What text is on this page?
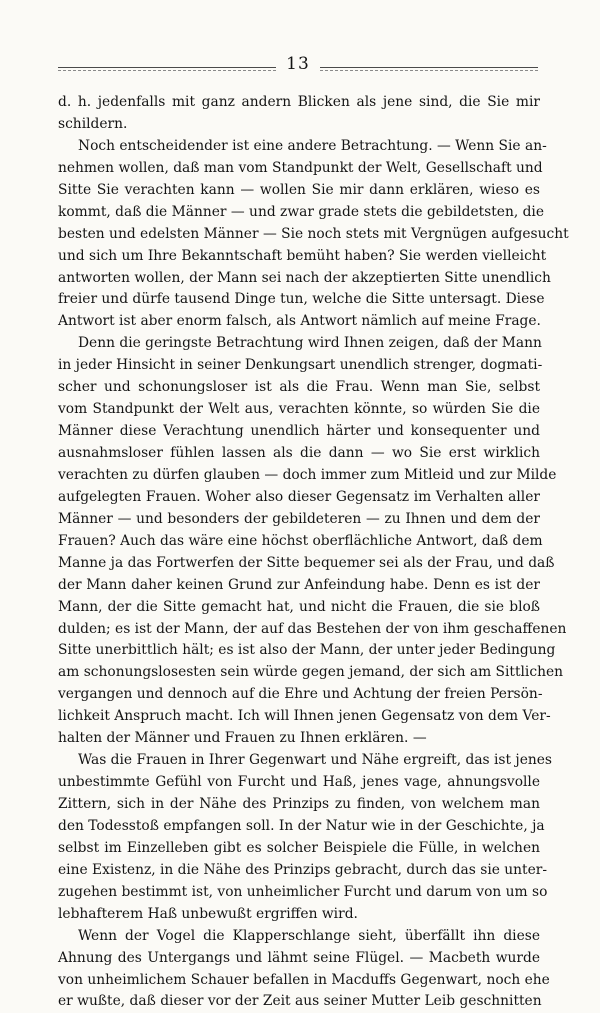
13
d. h. jedenfalls mit ganz andern Blicken als jene sind, die Sie mir
schildern.
Noch entscheidender ist eine andere Betrachtung. — Wenn Sie an-
nehmen wollen, daß man vom Standpunkt der Welt, Gesellschaft und
Sitte Sie verachten kann — wollen Sie mir dann erklären, wieso es
kommt, daß die Männer — und zwar grade stets die gebildetsten, die
besten und edelsten Männer — Sie noch stets mit Vergnügen aufgesucht
und sich um Ihre Bekanntschaft bemüht haben? Sie werden vielleicht
antworten wollen, der Mann sei nach der akzeptierten Sitte unendlich
freier und dürfe tausend Dinge tun, welche die Sitte untersagt. Diese
Antwort ist aber enorm falsch, als Antwort nämlich auf meine Frage.
Denn die geringste Betrachtung wird Ihnen zeigen, daß der Mann
in jeder Hinsicht in seiner Denkungsart unendlich strenger, dogmati-
scher und schonungsloser ist als die Frau. Wenn man Sie, selbst
vom Standpunkt der Welt aus, verachten könnte, so würden Sie die
Männer diese Verachtung unendlich härter und konsequenter und
ausnahmsloser fühlen lassen als die dann — wo Sie erst wirklich
verachten zu dürfen glauben — doch immer zum Mitleid und zur Milde
aufgelegten Frauen. Woher also dieser Gegensatz im Verhalten aller
Männer — und besonders der gebildeteren — zu Ihnen und dem der
Frauen? Auch das wäre eine höchst oberflächliche Antwort, daß dem
Manne ja das Fortwerfen der Sitte bequemer sei als der Frau, und daß
der Mann daher keinen Grund zur Anfeindung habe. Denn es ist der
Mann, der die Sitte gemacht hat, und nicht die Frauen, die sie bloß
dulden; es ist der Mann, der auf das Bestehen der von ihm geschaffenen
Sitte unerbittlich hält; es ist also der Mann, der unter jeder Bedingung
am schonungslosesten sein würde gegen jemand, der sich am Sittlichen
vergangen und dennoch auf die Ehre und Achtung der freien Persön-
lichkeit Anspruch macht. Ich will Ihnen jenen Gegensatz von dem Ver-
halten der Männer und Frauen zu Ihnen erklären. —
Was die Frauen in Ihrer Gegenwart und Nähe ergreift, das ist jenes
unbestimmte Gefühl von Furcht und Haß, jenes vage, ahnungsvolle
Zittern, sich in der Nähe des Prinzips zu finden, von welchem man
den Todesstoß empfangen soll. In der Natur wie in der Geschichte, ja
selbst im Einzelleben gibt es solcher Beispiele die Fülle, in welchen
eine Existenz, in die Nähe des Prinzips gebracht, durch das sie unter-
zugehen bestimmt ist, von unheimlicher Furcht und darum von um so
lebhafterem Haß unbewußt ergriffen wird.
Wenn der Vogel die Klapperschlange sieht, überfällt ihn diese
Ahnung des Untergangs und lähmt seine Flügel. — Macbeth wurde
von unheimlichem Schauer befallen in Macduffs Gegenwart, noch ehe
er wußte, daß dieser vor der Zeit aus seiner Mutter Leib geschnitten
